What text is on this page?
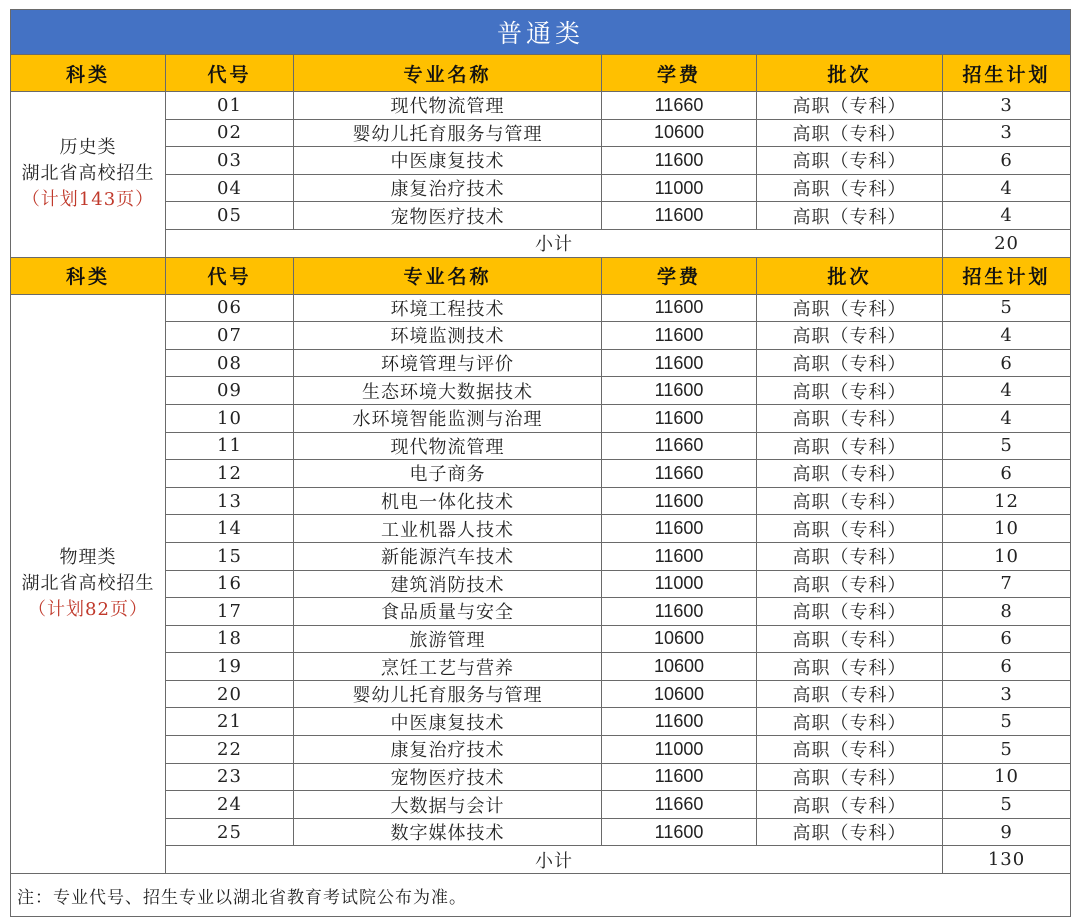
普通类					
科类	代号	专业名称	学费	批次	招生计划

历史类
湖北省高校招生
（计划143页）	01	现代物流管理	11660	高职（专科）	3
	02	婴幼儿托育服务与管理	10600	高职（专科）	3
	03	中医康复技术	11600	高职（专科）	6
	04	康复治疗技术	11000	高职（专科）	4
	05	宠物医疗技术	11600	高职（专科）	4
	小计				20
科类	代号	专业名称	学费	批次	招生计划

物理类
湖北省高校招生
（计划82页）	06	环境工程技术	11600	高职（专科）	5
	07	环境监测技术	11600	高职（专科）	4
	08	环境管理与评价	11600	高职（专科）	6
	09	生态环境大数据技术	11600	高职（专科）	4
	10	水环境智能监测与治理	11600	高职（专科）	4
	11	现代物流管理	11660	高职（专科）	5
	12	电子商务	11660	高职（专科）	6
	13	机电一体化技术	11600	高职（专科）	12
	14	工业机器人技术	11600	高职（专科）	10
	15	新能源汽车技术	11600	高职（专科）	10
	16	建筑消防技术	11000	高职（专科）	7
	17	食品质量与安全	11600	高职（专科）	8
	18	旅游管理	10600	高职（专科）	6
	19	烹饪工艺与营养	10600	高职（专科）	6
	20	婴幼儿托育服务与管理	10600	高职（专科）	3
	21	中医康复技术	11600	高职（专科）	5
	22	康复治疗技术	11000	高职（专科）	5
	23	宠物医疗技术	11600	高职（专科）	10
	24	大数据与会计	11660	高职（专科）	5
	25	数字媒体技术	11600	高职（专科）	9
	小计				130
注：专业代号、招生专业以湖北省教育考试院公布为准。					
